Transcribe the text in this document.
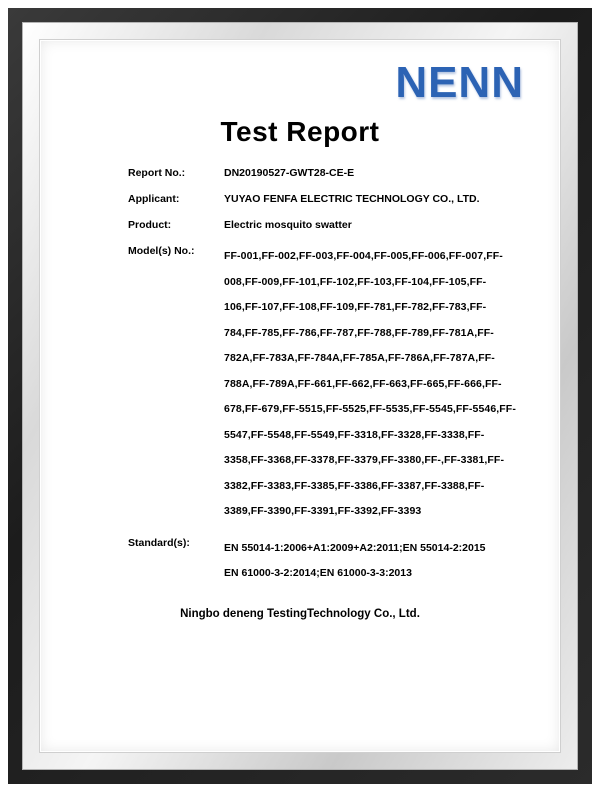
NENN
Test Report
Report No.:	DN20190527-GWT28-CE-E
Applicant:	YUYAO FENFA ELECTRIC TECHNOLOGY CO., LTD.
Product:	Electric mosquito swatter
Model(s) No.:	FF-001,FF-002,FF-003,FF-004,FF-005,FF-006,FF-007,FF-008,FF-009,FF-101,FF-102,FF-103,FF-104,FF-105,FF-106,FF-107,FF-108,FF-109,FF-781,FF-782,FF-783,FF-784,FF-785,FF-786,FF-787,FF-788,FF-789,FF-781A,FF-782A,FF-783A,FF-784A,FF-785A,FF-786A,FF-787A,FF-788A,FF-789A,FF-661,FF-662,FF-663,FF-665,FF-666,FF-678,FF-679,FF-5515,FF-5525,FF-5535,FF-5545,FF-5546,FF-5547,FF-5548,FF-5549,FF-3318,FF-3328,FF-3338,FF-3358,FF-3368,FF-3378,FF-3379,FF-3380,FF-,FF-3381,FF-3382,FF-3383,FF-3385,FF-3386,FF-3387,FF-3388,FF-3389,FF-3390,FF-3391,FF-3392,FF-3393
Standard(s):	EN 55014-1:2006+A1:2009+A2:2011;EN 55014-2:2015
EN 61000-3-2:2014;EN 61000-3-3:2013
Ningbo deneng TestingTechnology Co., Ltd.
